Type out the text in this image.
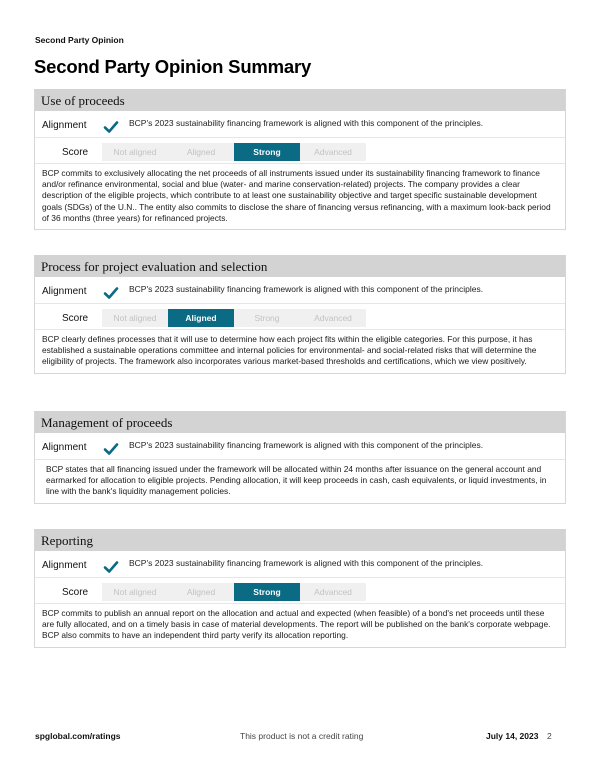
Second Party Opinion
Second Party Opinion Summary
Use of proceeds
Alignment	BCP's 2023 sustainability financing framework is aligned with this component of the principles.
Score	Not aligned	Aligned	Strong	Advanced
BCP commits to exclusively allocating the net proceeds of all instruments issued under its sustainability financing framework to finance and/or refinance environmental, social and blue (water- and marine conservation-related) projects. The company provides a clear description of the eligible projects, which contribute to at least one sustainability objective and target specific sustainable development goals (SDGs) of the U.N.. The entity also commits to disclose the share of financing versus refinancing, with a maximum look-back period of 36 months (three years) for refinanced projects.
Process for project evaluation and selection
Alignment	BCP's 2023 sustainability financing framework is aligned with this component of the principles.
Score	Not aligned	Aligned	Strong	Advanced
BCP clearly defines processes that it will use to determine how each project fits within the eligible categories. For this purpose, it has established a sustainable operations committee and internal policies for environmental- and social-related risks that will determine the eligibility of projects. The framework also incorporates various market-based thresholds and certifications, which we view positively.
Management of proceeds
Alignment	BCP's 2023 sustainability financing framework is aligned with this component of the principles.
BCP states that all financing issued under the framework will be allocated within 24 months after issuance on the general account and earmarked for allocation to eligible projects. Pending allocation, it will keep proceeds in cash, cash equivalents, or liquid investments, in line with the bank's liquidity management policies.
Reporting
Alignment	BCP's 2023 sustainability financing framework is aligned with this component of the principles.
Score	Not aligned	Aligned	Strong	Advanced
BCP commits to publish an annual report on the allocation and actual and expected (when feasible) of a bond's net proceeds until these are fully allocated, and on a timely basis in case of material developments. The report will be published on the bank's corporate webpage. BCP also commits to have an independent third party verify its allocation reporting.
spglobal.com/ratings	This product is not a credit rating	July 14, 2023 2
